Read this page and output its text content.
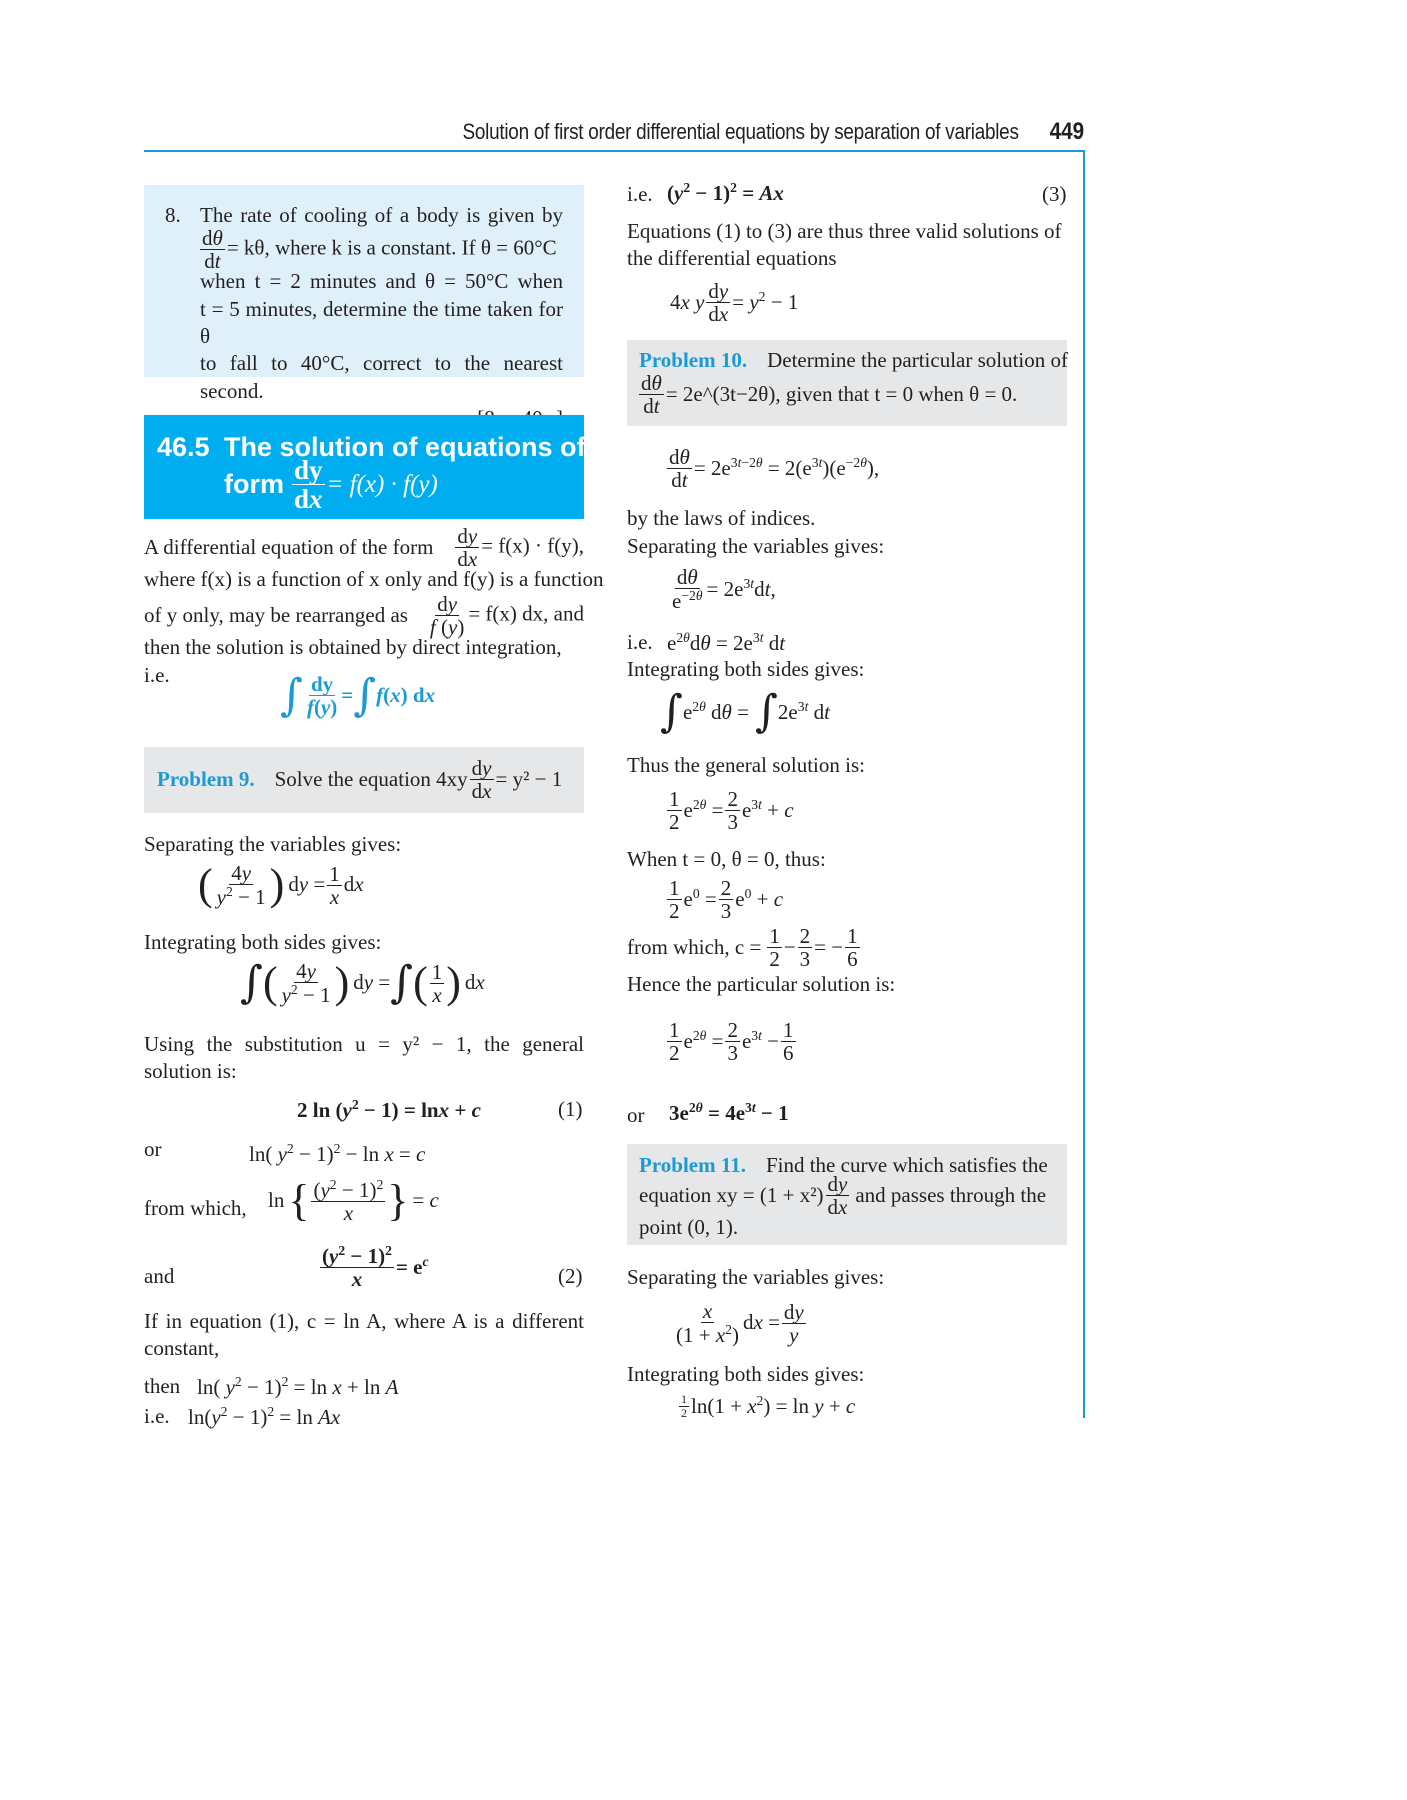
Solution of first order differential equations by separation of variables 449
8. The rate of cooling of a body is given by
$\frac{d\theta}{dt} = k\theta$, where k is a constant. If θ = 60°C
when t = 2 minutes and θ = 50°C when
t = 5 minutes, determine the time taken for θ
to fall to 40°C, correct to the nearest second.
46.5 The solution of equations of the
form $\frac{dy}{dx} = f(x) \cdot f(y)$
A differential equation of the form $\frac{dy}{dx} = f(x) \cdot f(y)$,
where f(x) is a function of x only and f(y) is a function
of y only, may be rearranged as $\frac{dy}{f (y)} = f(x)$ dx, and
then the solution is obtained by direct integration, i.e.	∫ $\frac{dy}{f(y)}$ = ∫ f(x) dx
Problem 9. Solve the equation $4xy \frac{dy}{dx} = y^2 - 1$
Separating the variables gives:
( $\frac{4y}{y^2 - 1}$ ) dy = $\frac{1}{x}$ dx
Integrating both sides gives:
∫ ( $\frac{4y}{y^2 - 1}$ ) dy = ∫ ( $\frac{1}{x}$ ) dx
Using the substitution u = y² − 1, the general
solution is:
2 $\ln (y^2 - 1) = \ln x + c$	(1)
or	ln( $y^2 - 1)^2 - \ln x = c$
from which, ln { $\frac{(y^2 - 1)^2}{x}$ } = c
and	$\frac{(y^2 - 1)^2}{x} = e^c$
(2)
If in equation (1), c = ln A, where A is a different
constant,
then ln( $y^2 - 1)^2 = \ln x + \ln A$
i.e. $\ln(y^2 - 1)^2 = \ln Ax$
i.e. $(y^2 - 1)^2 = Ax$	(3)
Equations (1) to (3) are thus three valid solutions of the differential equations
4x y $\frac{dy}{dx} = y^2 - 1$
Problem 10. Determine the particular solution of
$\frac{d\theta}{dt}$ = 2e^(3t−2θ), given that t = 0 when θ = 0.
$\frac{d\theta}{dt} = 2e^{3t-2\theta} = 2(e^{3t})(e^{-2\theta})$,
by the laws of indices.
Separating the variables gives:
$\frac{d\theta}{e^{-2\theta}} = 2e^{3t}dt$,
i.e. $e^{2\theta}d\theta = 2e^{3t}$ dt
Integrating both sides gives:
∫ $e^{2\theta}$ dθ = ∫ $2e^{3t}$ dt
Thus the general solution is:
$\frac{1}{2} e^{2\theta} = \frac{2}{3} e^{3t} + c$
When t = 0, θ = 0, thus:
$\frac{1}{2} e^0 = \frac{2}{3} e^0 + c$
from which, $c = \frac{1}{2} - \frac{2}{3}$ = − $\frac{1}{6}$
Hence the particular solution is:
$\frac{1}{2} e^{2\theta} = \frac{2}{3} e^{3t} - \frac{1}{6}$
or $3e^{2\theta} = 4e^{3t} - 1$
Problem 11. Find the curve which satisfies the
equation xy = $(1 + x^2) \frac{dy}{dx}$ and passes through the
point (0, 1).
Separating the variables gives:
$\frac{x}{(1 + x^2)}$ dx = $\frac{dy}{y}$
Integrating both sides gives:
$\frac{1}{2} \ln(1 + x^2) = \ln y + c$
